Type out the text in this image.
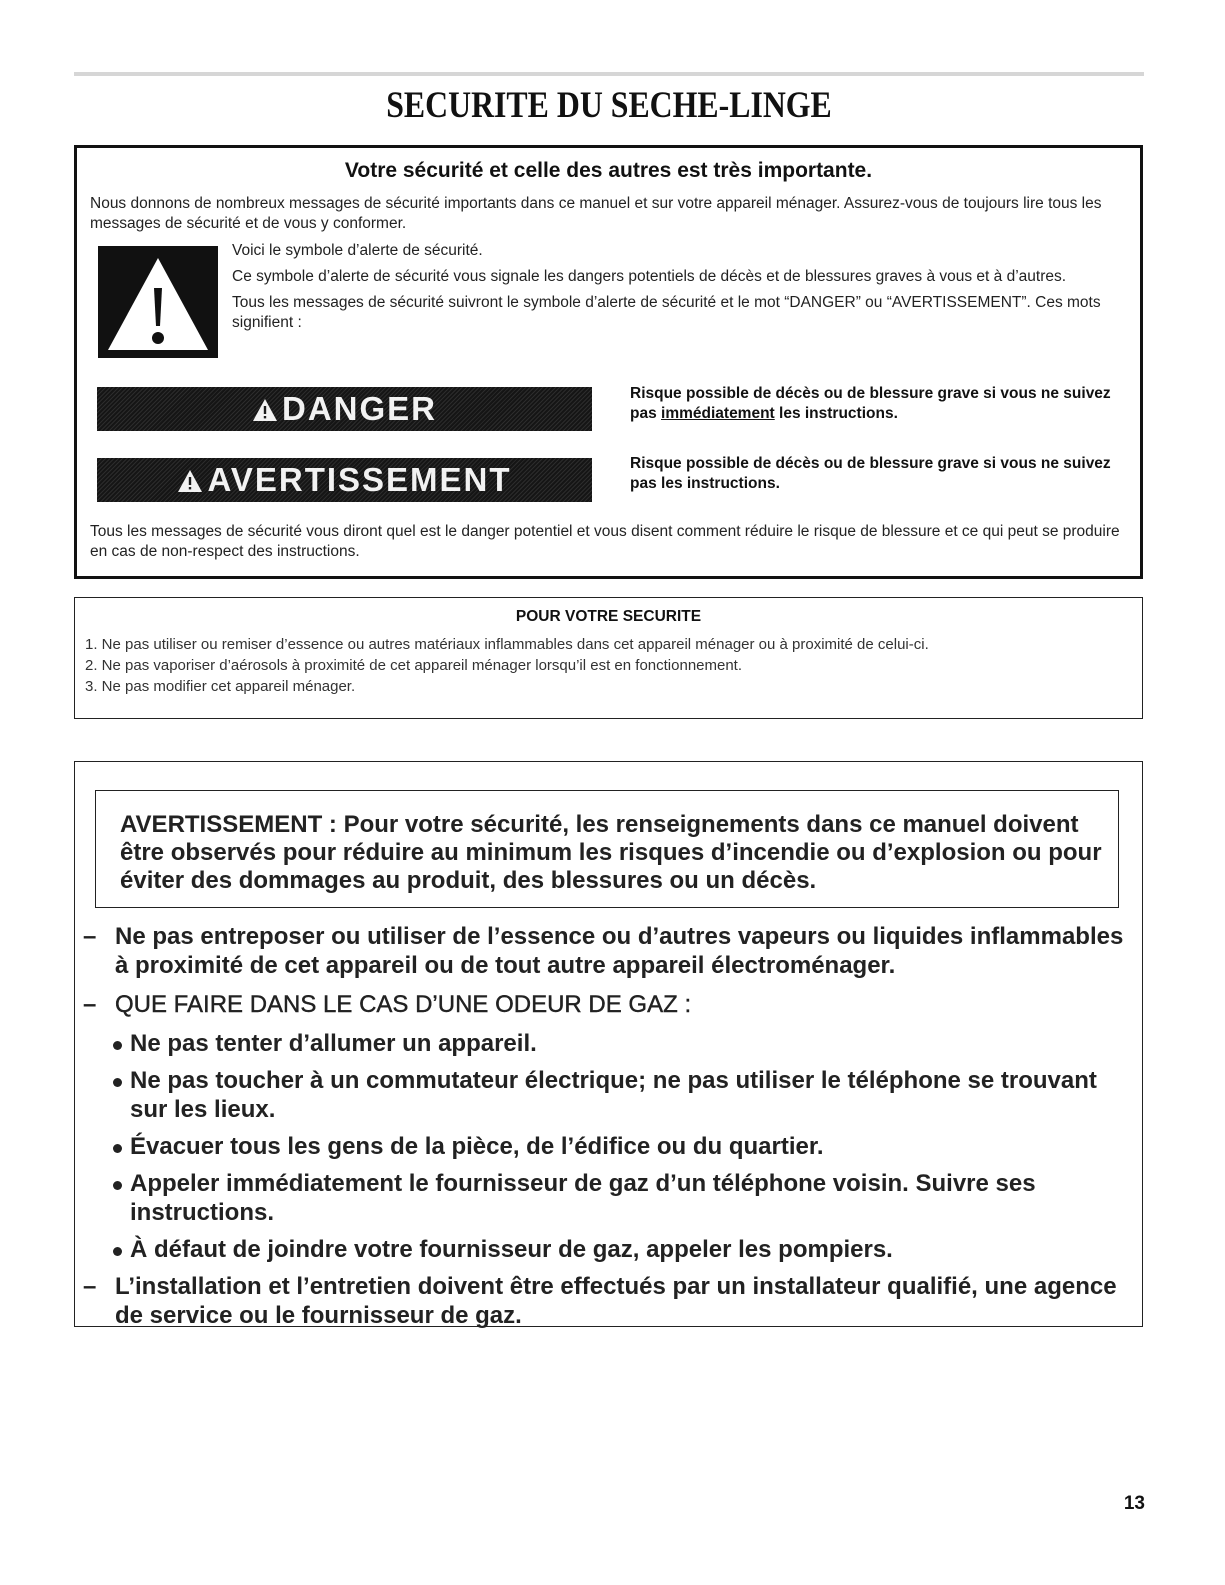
SECURITE DU SECHE-LINGE
Votre sécurité et celle des autres est très importante.

Nous donnons de nombreux messages de sécurité importants dans ce manuel et sur votre appareil ménager. Assurez-vous de toujours lire tous les messages de sécurité et de vous y conformer.

Voici le symbole d’alerte de sécurité.

Ce symbole d’alerte de sécurité vous signale les dangers potentiels de décès et de blessures graves à vous et à d’autres.

Tous les messages de sécurité suivront le symbole d’alerte de sécurité et le mot “DANGER” ou “AVERTISSEMENT”. Ces mots signifient :

DANGER	Risque possible de décès ou de blessure grave si vous ne suivez pas immédiatement les instructions.
AVERTISSEMENT	Risque possible de décès ou de blessure grave si vous ne suivez pas les instructions.

Tous les messages de sécurité vous diront quel est le danger potentiel et vous disent comment réduire le risque de blessure et ce qui peut se produire en cas de non-respect des instructions.

POUR VOTRE SECURITE
1. Ne pas utiliser ou remiser d’essence ou autres matériaux inflammables dans cet appareil ménager ou à proximité de celui-ci.
2. Ne pas vaporiser d’aérosols à proximité de cet appareil ménager lorsqu’il est en fonctionnement.
3. Ne pas modifier cet appareil ménager.

AVERTISSEMENT : Pour votre sécurité, les renseignements dans ce manuel doivent être observés pour réduire au minimum les risques d’incendie ou d’explosion ou pour éviter des dommages au produit, des blessures ou un décès.

– Ne pas entreposer ou utiliser de l’essence ou d’autres vapeurs ou liquides inflammables à proximité de cet appareil ou de tout autre appareil électroménager.
– QUE FAIRE DANS LE CAS D’UNE ODEUR DE GAZ :
Ne pas tenter d’allumer un appareil.
Ne pas toucher à un commutateur électrique; ne pas utiliser le téléphone se trouvant sur les lieux.
Évacuer tous les gens de la pièce, de l’édifice ou du quartier.
Appeler immédiatement le fournisseur de gaz d’un téléphone voisin. Suivre ses instructions.
À défaut de joindre votre fournisseur de gaz, appeler les pompiers.
– L’installation et l’entretien doivent être effectués par un installateur qualifié, une agence de service ou le fournisseur de gaz.
13
